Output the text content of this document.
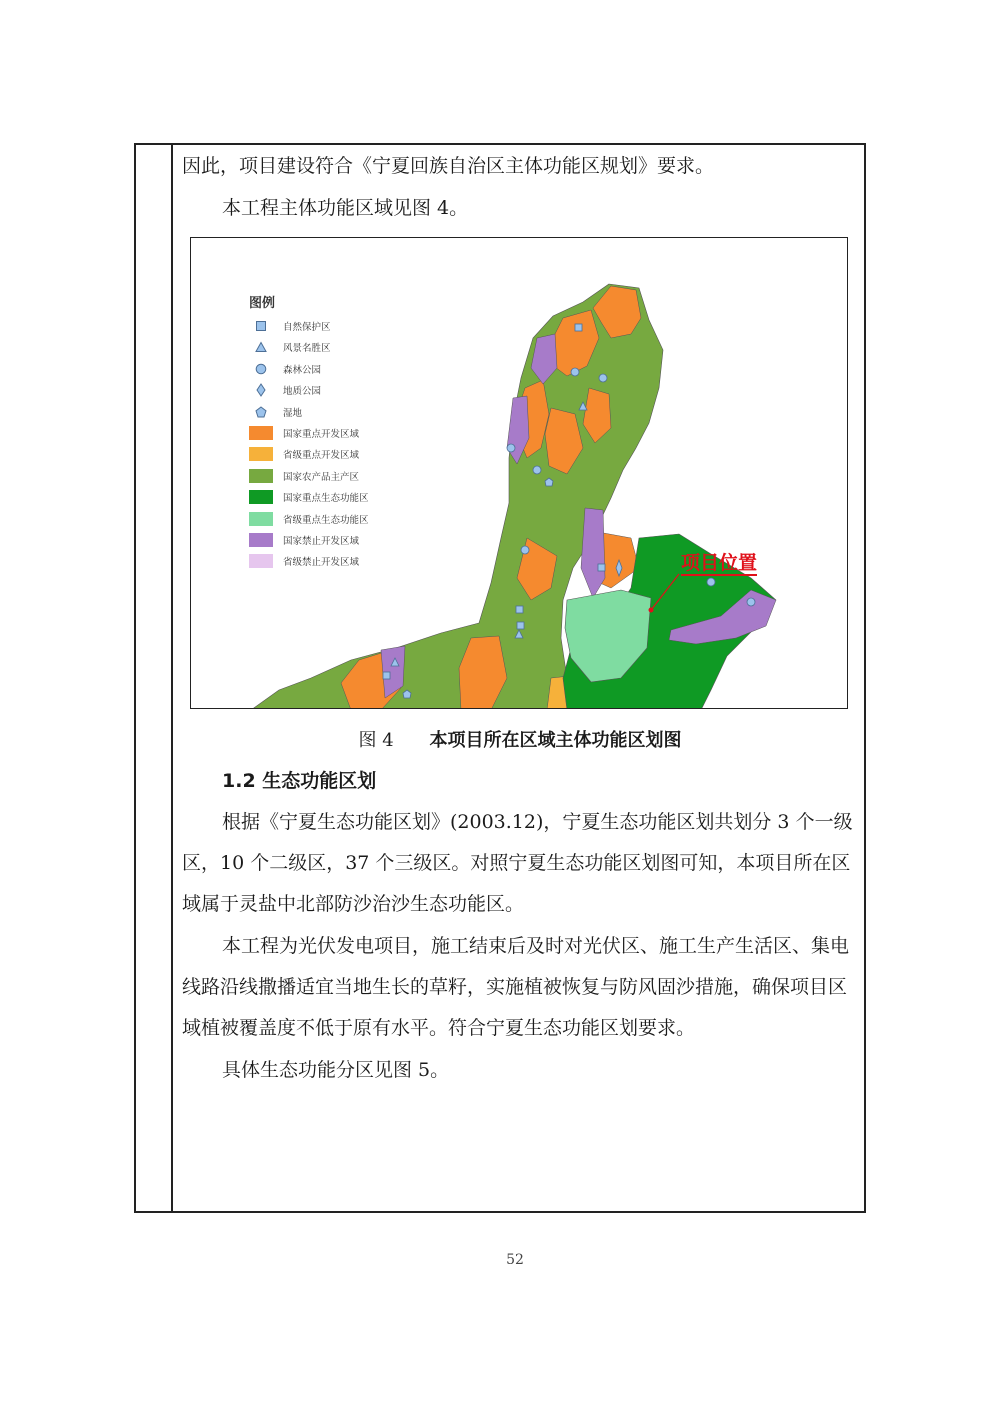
因此，项目建设符合《宁夏回族自治区主体功能区规划》要求。

本工程主体功能区域见图 4。

项目位置
图例
自然保护区
风景名胜区
森林公园
地质公园
湿地
国家重点开发区域
省级重点开发区域
国家农产品主产区
国家重点生态功能区
省级重点生态功能区
国家禁止开发区域
省级禁止开发区域
图 4 本项目所在区域主体功能区划图
1.2 生态功能区划

根据《宁夏生态功能区划》(2003.12)，宁夏生态功能区划共划分 3 个一级区，10 个二级区，37 个三级区。对照宁夏生态功能区划图可知，本项目所在区域属于灵盐中北部防沙治沙生态功能区。

本工程为光伏发电项目，施工结束后及时对光伏区、施工生产生活区、集电线路沿线撒播适宜当地生长的草籽，实施植被恢复与防风固沙措施，确保项目区域植被覆盖度不低于原有水平。符合宁夏生态功能区划要求。

具体生态功能分区见图 5。

52
